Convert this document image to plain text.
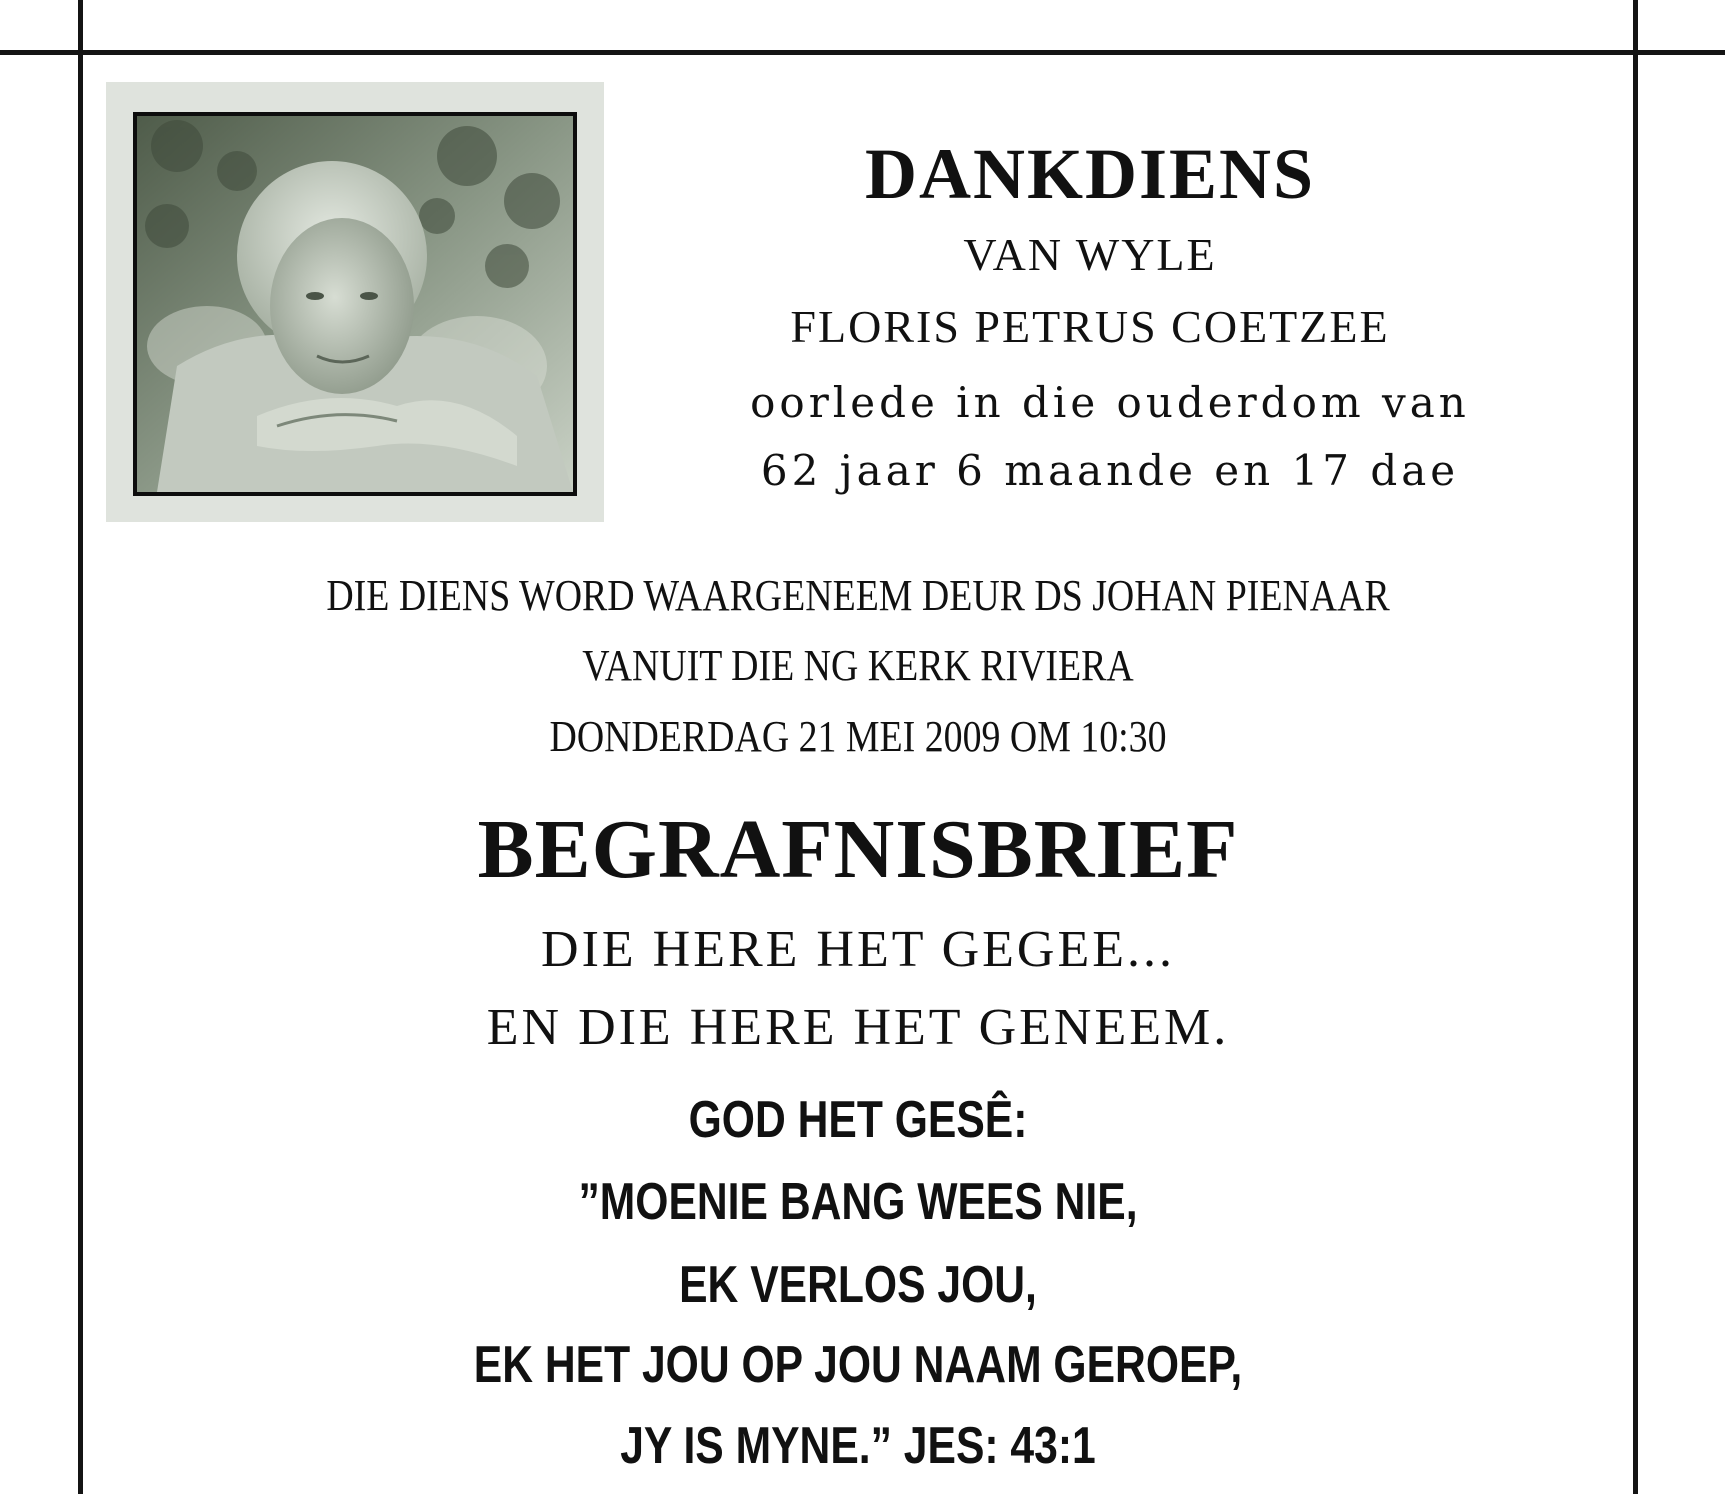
DANKDIENS
VAN WYLE
FLORIS PETRUS COETZEE
oorlede in die ouderdom van
62 jaar 6 maande en 17 dae
DIE DIENS WORD WAARGENEEM DEUR DS JOHAN PIENAAR
VANUIT DIE NG KERK RIVIERA
DONDERDAG 21 MEI 2009 OM 10:30
BEGRAFNISBRIEF
DIE HERE HET GEGEE...
EN DIE HERE HET GENEEM.
GOD HET GESÊ:
”MOENIE BANG WEES NIE,
EK VERLOS JOU,
EK HET JOU OP JOU NAAM GEROEP,
JY IS MYNE.” JES: 43:1
